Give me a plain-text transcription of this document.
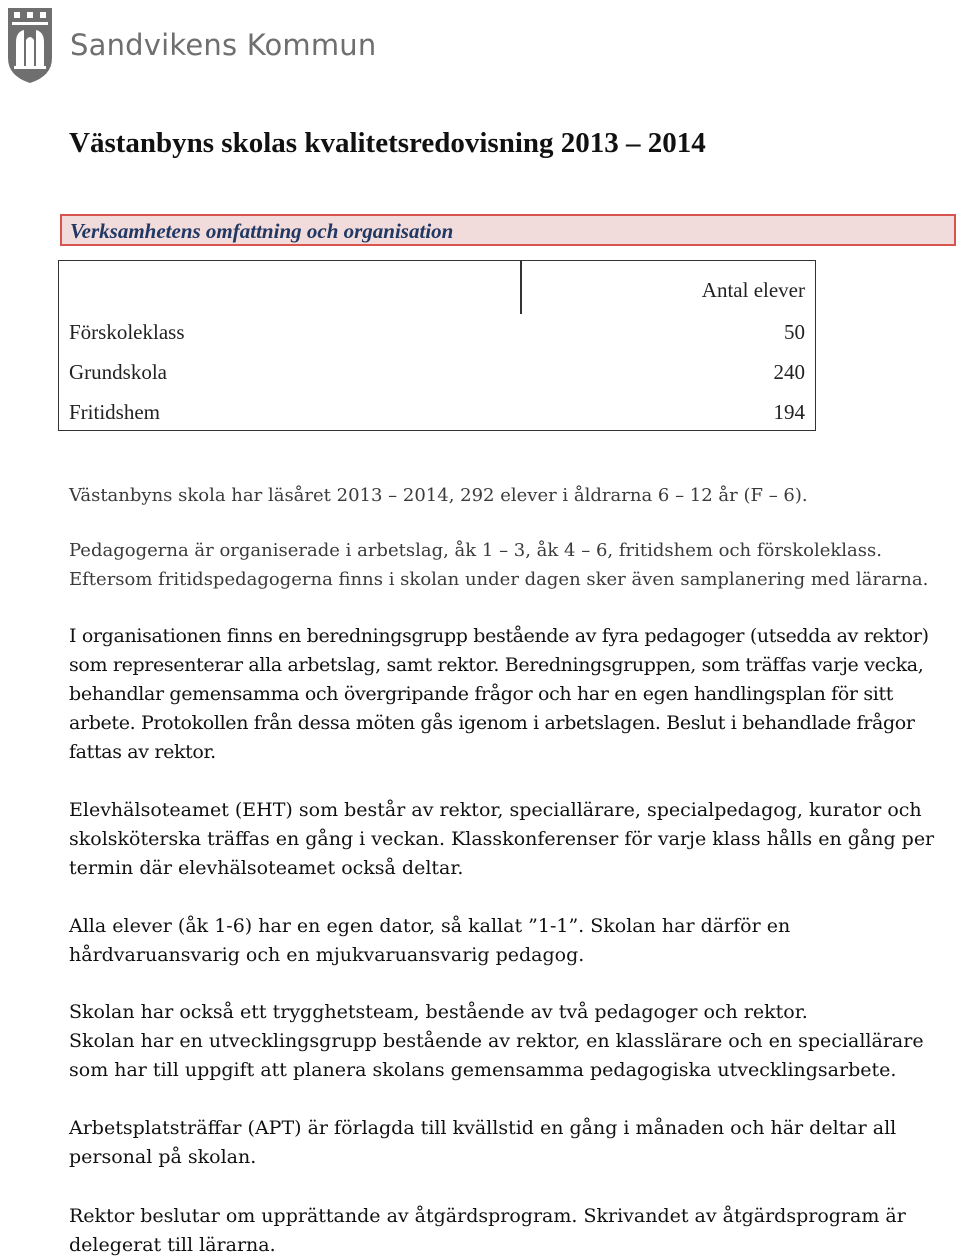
Sandvikens Kommun
Västanbyns skolas kvalitetsredovisning 2013 – 2014
Verksamhetens omfattning och organisation
Antal elever
Förskoleklass	50
Grundskola	240
Fritidshem	194

Västanbyns skola har läsåret 2013 – 2014, 292 elever i åldrarna 6 – 12 år (F – 6).

Pedagogerna är organiserade i arbetslag, åk 1 – 3, åk 4 – 6, fritidshem och förskoleklass. Eftersom fritidspedagogerna finns i skolan under dagen sker även samplanering med lärarna.

I organisationen finns en beredningsgrupp bestående av fyra pedagoger (utsedda av rektor) som representerar alla arbetslag, samt rektor. Beredningsgruppen, som träffas varje vecka, behandlar gemensamma och övergripande frågor och har en egen handlingsplan för sitt arbete. Protokollen från dessa möten gås igenom i arbetslagen. Beslut i behandlade frågor fattas av rektor.

Elevhälsoteamet (EHT) som består av rektor, speciallärare, specialpedagog, kurator och skolsköterska träffas en gång i veckan. Klasskonferenser för varje klass hålls en gång per termin där elevhälsoteamet också deltar.

Alla elever (åk 1-6) har en egen dator, så kallat ”1-1”. Skolan har därför en hårdvaruansvarig och en mjukvaruansvarig pedagog.

Skolan har också ett trygghetsteam, bestående av två pedagoger och rektor.

Skolan har en utvecklingsgrupp bestående av rektor, en klasslärare och en speciallärare som har till uppgift att planera skolans gemensamma pedagogiska utvecklingsarbete.

Arbetsplatsträffar (APT) är förlagda till kvällstid en gång i månaden och här deltar all personal på skolan.

Rektor beslutar om upprättande av åtgärdsprogram. Skrivandet av åtgärdsprogram är delegerat till lärarna.
